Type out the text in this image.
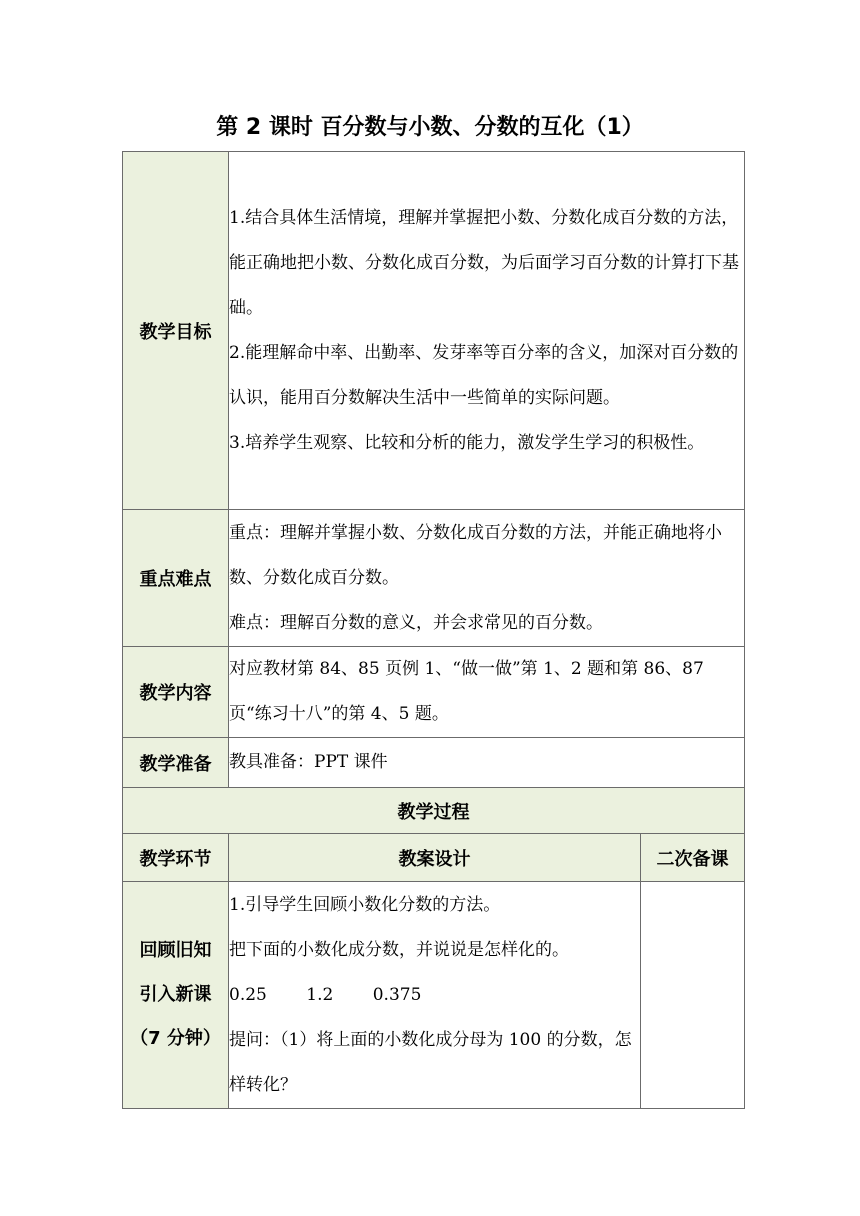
第 2 课时 百分数与小数、分数的互化（1）
教学目标	1.结合具体生活情境，理解并掌握把小数、分数化成百分数的方法，能正确地把小数、分数化成百分数，为后面学习百分数的计算打下基础。
2.能理解命中率、出勤率、发芽率等百分率的含义，加深对百分数的认识，能用百分数解决生活中一些简单的实际问题。
3.培养学生观察、比较和分析的能力，激发学生学习的积极性。	

重点难点	重点：理解并掌握小数、分数化成百分数的方法，并能正确地将小数、分数化成百分数。
难点：理解百分数的意义，并会求常见的百分数。	

教学内容	对应教材第 84、85 页例 1、“做一做”第 1、2 题和第 86、87 页“练习十八”的第 4、5 题。	
教学准备	教具准备：PPT 课件	
教学过程		
教学环节	教案设计	二次备课

回顾旧知
引入新课
（7 分钟）	1.引导学生回顾小数化分数的方法。
把下面的小数化成分数，并说说是怎样化的。
0.25 1.2 0.375
提问：（1）将上面的小数化成分母为 100 的分数，怎样转化？	
